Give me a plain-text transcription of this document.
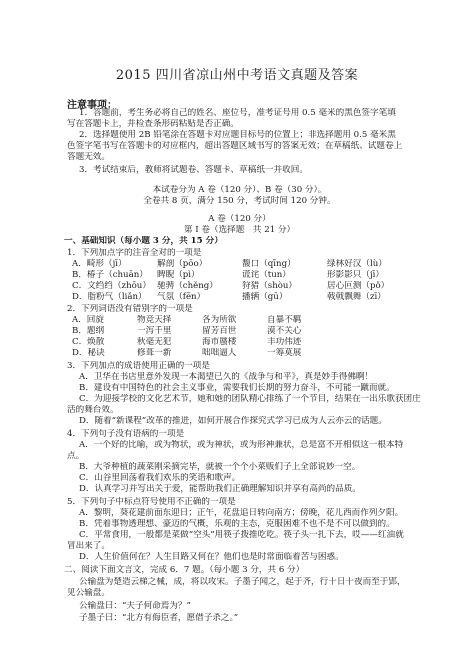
2015 四川省凉山州中考语文真题及答案
注意事项：
1．答题前，考生务必将自己的姓名、座位号，准考证号用 0.5 毫米的黑色签字笔填
写在答题卡上，并检查条形码粘贴是否正确。
2．选择题使用 2B 铅笔涂在答题卡对应题目标号的位置上；非选择题用 0.5 毫米黑
色签字笔书写在答题卡的对应框内，超出答题区域书写的答案无效；在草稿纸、试题卷上
答题无效。
3．考试结束后，教师将试题卷、答题卡、草稿纸一并收回。
本试卷分为 A 卷（120 分）、B 卷（30 分）。
全卷共 8 页，满分 150 分，考试时间 120 分钟。
A 卷（120 分）
第 I 卷（选择题　共 21 分）
一、基础知识（每小题 3 分，共 15 分）
1．下列加点字的注音全对的一项是
A．畸形（jī）	解剖（pōo）	馥口（qīng）	绿林好汉（lù）
B．椿子（chuān）	睥睨（pì）	谎诧（tun）	形影影只（jī）
C．文绉绉（zhōu） 驰骋（chěng）	狩猎（shòu）	居心叵测（pǒ）
D．脂粉气（liǎn）	气氛（fēn）	播辆（gū）	戟戟飘舞（zī）
2．下列词语没有错别字的一项是
A．回旋	物竞天择	各为所欲	自暴不羁
B．题纲	一泻千里	留芳百世	漠不关心
C．焕散	秋毫无犯	海市蜃楼	丰功伟迹
D．秘诀	修葺一新	咄咄逼人	一筹莫展
3．下列加点的成语使用正确的一项是
A．卫华在书店里意外发现一本渴望已久的《战争与和平》，真是妙手得佛啊！
B．建设有中国特色的社会主义事业，需要我们长期的努力奋斗，不可能一蹴而就。
C．为迎接学校的文化艺术节，她和她的团队精心排练了一个节目，结果在一出乐歌获团庄
活的舞台效。
D．随着“新课程”改革的推进，如何开展合作探究式学习已成为人云亦云的话题。
4．下列句子没有语病的一项是
A．一个好的比喻，或为物状，或为神状，或为形神兼状，总是富不开相似这一根本特
点。
B．大爷种植的蔬菜刚采摘完毕，就被一个个小菜贩们子上全部说妙一空。
C．山谷里回荡着我们欢乐的笑语和歌声。
D．认真学习并写出关于爱，能帮助我们正确理解知识并享有高尚的品质。
5．下列句子中标点符号使用不正确的一项是
A．黎明，葵花建前面东迎日；正午，花盘追日转向南方；傍晚，花儿西而作列夕阳。
B．凭着事物透理想、豪迈的气概，乐观的主态，克服困难不也不是不可以做到的。
C．平常食用，一般都是菜做“空头”用筷子拨推吃吃。筷子头一扎下去，哎——红油就
冒出来了。
D．人生价值何在？人生目路又何在？他们也是时常面临着苦与困惑。
二、阅读下面文言文，完成 6．7 题。（每小题 3 分，共 6 分）
公输盘为楚造云梯之械，成，将以攻宋。子墨子闻之，起于齐，行十日十夜而至于郢，
见公输盘。
公输盘曰：“夫子何命焉为？”
子墨子曰：“北方有侮臣者，愿借子杀之。”
